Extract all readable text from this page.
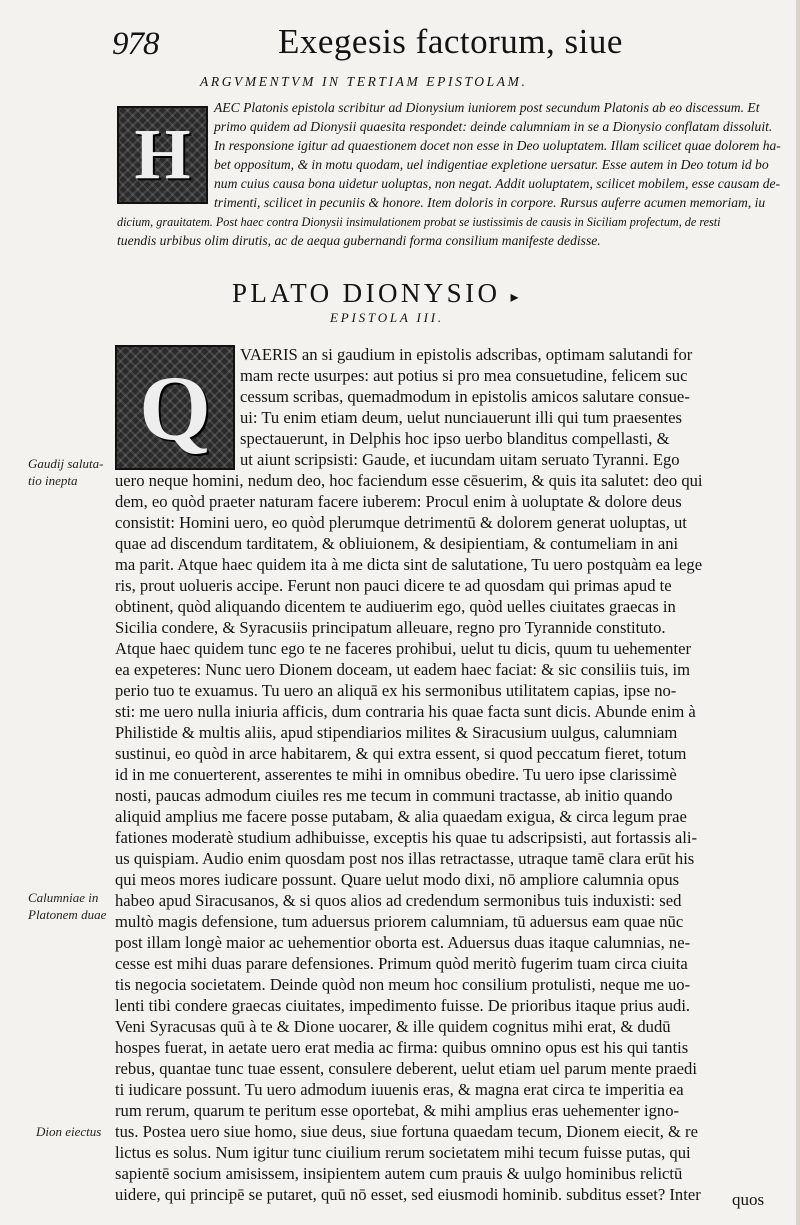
978	Exegesis factorum, siue
ARGVMENTVM IN TERTIAM EPISTOLAM.
H
AEC Platonis epistola scribitur ad Dionysium iuniorem post secundum Platonis ab eo discessum. Et
primo quidem ad Dionysii quaesita respondet: deinde calumniam in se a Dionysio conflatam dissoluit.
In responsione igitur ad quaestionem docet non esse in Deo uoluptatem. Illam scilicet quae dolorem ha-
bet oppositum, & in motu quodam, uel indigentiae expletione uersatur. Esse autem in Deo totum id bo
num cuius causa bona uidetur uoluptas, non negat. Addit uoluptatem, scilicet mobilem, esse causam de-
trimenti, scilicet in pecuniis & honore. Item doloris in corpore. Rursus auferre acumen memoriam, iu
dicium, grauitatem. Post haec contra Dionysii insimulationem probat se iustissimis de causis in Siciliam profectum, de resti
tuendis urbibus olim dirutis, ac de aequa gubernandi forma consilium manifeste dedisse.
PLATO DIONYSIO ▸
EPISTOLA III.
Q
VAERIS an si gaudium in epistolis adscribas, optimam salutandi for
mam recte usurpes: aut potius si pro mea consuetudine, felicem suc
cessum scribas, quemadmodum in epistolis amicos salutare consue-
ui: Tu enim etiam deum, uelut nunciauerunt illi qui tum praesentes
spectauerunt, in Delphis hoc ipso uerbo blanditus compellasti, &
ut aiunt scripsisti: Gaude, et iucundam uitam seruato Tyranni. Ego
uero neque homini, nedum deo, hoc faciendum esse cēsuerim, & quis ita salutet: deo qui
dem, eo quòd praeter naturam facere iuberem: Procul enim à uoluptate & dolore deus
consistit: Homini uero, eo quòd plerumque detrimentū & dolorem generat uoluptas, ut
quae ad discendum tarditatem, & obliuionem, & desipientiam, & contumeliam in ani
ma parit. Atque haec quidem ita à me dicta sint de salutatione, Tu uero postquàm ea lege
ris, prout uolueris accipe. Ferunt non pauci dicere te ad quosdam qui primas apud te
obtinent, quòd aliquando dicentem te audiuerim ego, quòd uelles ciuitates graecas in
Sicilia condere, & Syracusiis principatum alleuare, regno pro Tyrannide constituto.
Atque haec quidem tunc ego te ne faceres prohibui, uelut tu dicis, quum tu uehementer
ea expeteres: Nunc uero Dionem doceam, ut eadem haec faciat: & sic consiliis tuis, im
perio tuo te exuamus. Tu uero an aliquā ex his sermonibus utilitatem capias, ipse no-
sti: me uero nulla iniuria afficis, dum contraria his quae facta sunt dicis. Abunde enim à
Philistide & multis aliis, apud stipendiarios milites & Siracusium uulgus, calumniam
sustinui, eo quòd in arce habitarem, & qui extra essent, si quod peccatum fieret, totum
id in me conuerterent, asserentes te mihi in omnibus obedire. Tu uero ipse clarissimè
nosti, paucas admodum ciuiles res me tecum in communi tractasse, ab initio quando
aliquid amplius me facere posse putabam, & alia quaedam exigua, & circa legum prae
fationes moderatè studium adhibuisse, exceptis his quae tu adscripsisti, aut fortassis ali-
us quispiam. Audio enim quosdam post nos illas retractasse, utraque tamē clara erūt his
qui meos mores iudicare possunt. Quare uelut modo dixi, nō ampliore calumnia opus
habeo apud Siracusanos, & si quos alios ad credendum sermonibus tuis induxisti: sed
multò magis defensione, tum aduersus priorem calumniam, tū aduersus eam quae nūc
post illam longè maior ac uehementior oborta est. Aduersus duas itaque calumnias, ne-
cesse est mihi duas parare defensiones. Primum quòd meritò fugerim tuam circa ciuita
tis negocia societatem. Deinde quòd non meum hoc consilium protulisti, neque me uo-
lenti tibi condere graecas ciuitates, impedimento fuisse. De prioribus itaque prius audi.
Veni Syracusas quū à te & Dione uocarer, & ille quidem cognitus mihi erat, & dudū
hospes fuerat, in aetate uero erat media ac firma: quibus omnino opus est his qui tantis
rebus, quantae tunc tuae essent, consulere deberent, uelut etiam uel parum mente praedi
ti iudicare possunt. Tu uero admodum iuuenis eras, & magna erat circa te imperitia ea
rum rerum, quarum te peritum esse oportebat, & mihi amplius eras uehementer igno-
tus. Postea uero siue homo, siue deus, siue fortuna quaedam tecum, Dionem eiecit, & re
lictus es solus. Num igitur tunc ciuilium rerum societatem mihi tecum fuisse putas, qui
sapientē socium amisissem, insipientem autem cum prauis & uulgo hominibus relictū
uidere, qui principē se putaret, quū nō esset, sed eiusmodi hominib. subditus esset? Inter quos
Gaudij saluta-
tio inepta
Calumniae in
Platonem duae
Dion eiectus
